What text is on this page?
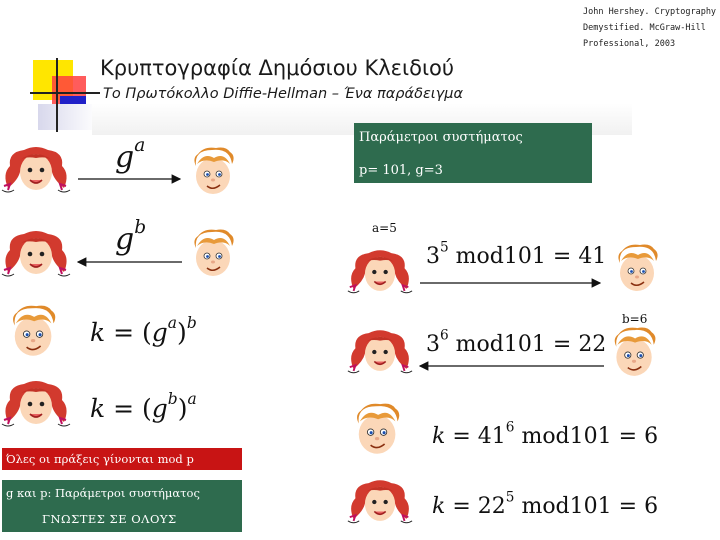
Κρυπτογραφία Δημόσιου Κλειδιού
Το Πρωτόκολλο Diffie-Hellman – Ένα παράδειγμα
John Hershey. Cryptography Demystified. McGraw-Hill Professional, 2003
Παράμετροι συστήματος
p= 101, g=3
$g^a$
$g^b$
$k = (g^a)^b$
$k = (g^b)^a$
a=5
b=6
$3^5$ mod101 = 41
$3^6$ mod101 = 22
$k = 41^6$ mod101 = 6
$k = 22^5$ mod101 = 6
Όλες οι πράξεις γίνονται mod p
g και p: Παράμετροι συστήματος
ΓΝΩΣΤΕΣ ΣΕ ΟΛΟΥΣ
